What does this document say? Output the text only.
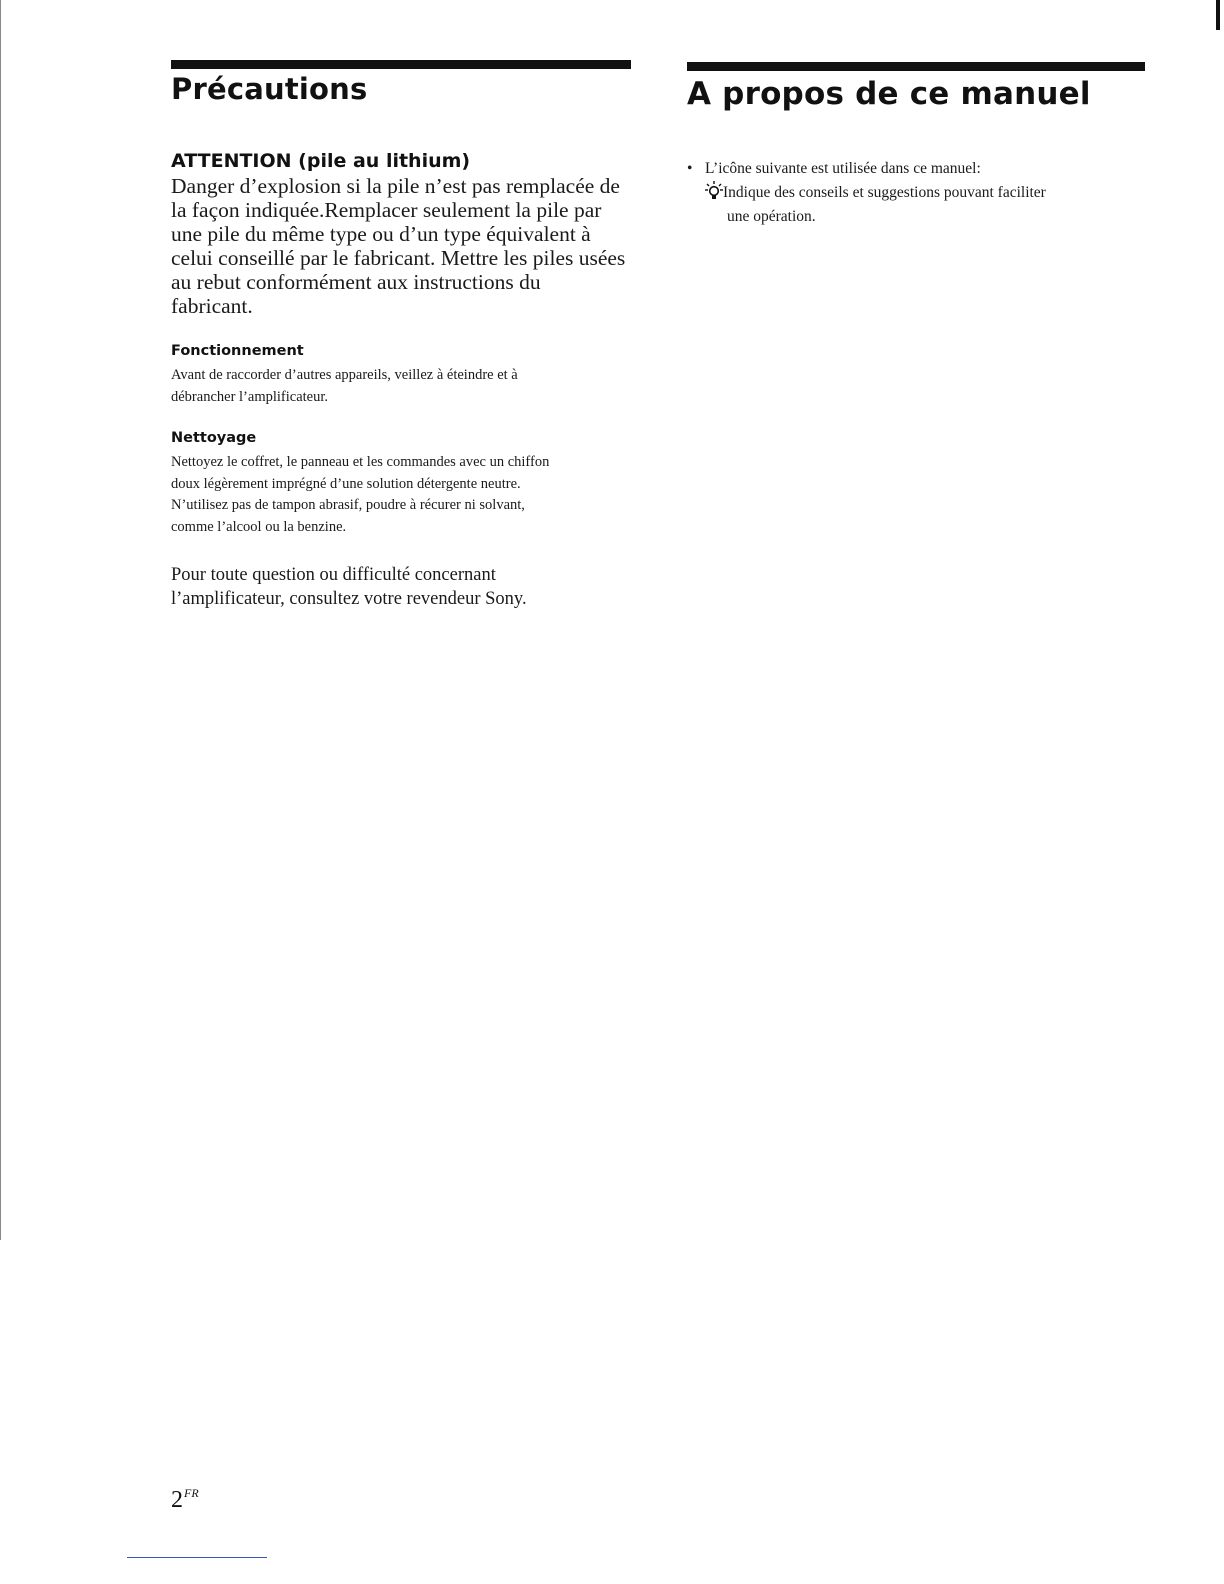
Précautions
ATTENTION (pile au lithium)
Danger d’explosion si la pile n’est pas remplacée de
la façon indiquée.Remplacer seulement la pile par
une pile du même type ou d’un type équivalent à
celui conseillé par le fabricant. Mettre les piles usées
au rebut conformément aux instructions du
fabricant.
Fonctionnement
Avant de raccorder d’autres appareils, veillez à éteindre et à
débrancher l’amplificateur.
Nettoyage
Nettoyez le coffret, le panneau et les commandes avec un chiffon
doux légèrement imprégné d’une solution détergente neutre.
N’utilisez pas de tampon abrasif, poudre à récurer ni solvant,
comme l’alcool ou la benzine.
Pour toute question ou difficulté concernant
l’amplificateur, consultez votre revendeur Sony.
A propos de ce manuel
• L’icône suivante est utilisée dans ce manuel:
Indique des conseils et suggestions pouvant faciliter
une opération.
$2^{FR}$
